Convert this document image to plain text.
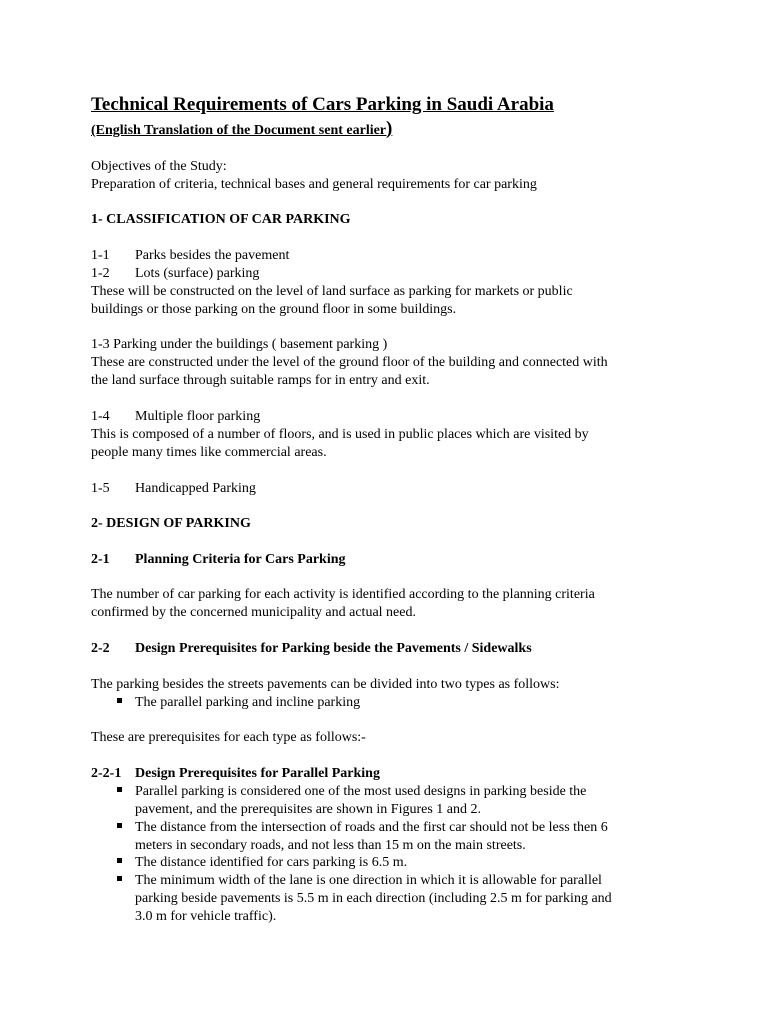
Technical Requirements of Cars Parking in Saudi Arabia
(English Translation of the Document sent earlier)
Objectives of the Study:
Preparation of criteria, technical bases and general requirements for car parking
1- CLASSIFICATION OF CAR PARKING
1-1 Parks besides the pavement
1-2 Lots (surface) parking
These will be constructed on the level of land surface as parking for markets or public
buildings or those parking on the ground floor in some buildings.
1-3 Parking under the buildings ( basement parking )
These are constructed under the level of the ground floor of the building and connected with
the land surface through suitable ramps for in entry and exit.
1-4 Multiple floor parking
This is composed of a number of floors, and is used in public places which are visited by
people many times like commercial areas.
1-5 Handicapped Parking
2- DESIGN OF PARKING
2-1 Planning Criteria for Cars Parking
The number of car parking for each activity is identified according to the planning criteria
confirmed by the concerned municipality and actual need.
2-2 Design Prerequisites for Parking beside the Pavements / Sidewalks
The parking besides the streets pavements can be divided into two types as follows:
The parallel parking and incline parking
These are prerequisites for each type as follows:-
2-2-1 Design Prerequisites for Parallel Parking
Parallel parking is considered one of the most used designs in parking beside the
pavement, and the prerequisites are shown in Figures 1 and 2.
The distance from the intersection of roads and the first car should not be less then 6
meters in secondary roads, and not less than 15 m on the main streets.
The distance identified for cars parking is 6.5 m.
The minimum width of the lane is one direction in which it is allowable for parallel
parking beside pavements is 5.5 m in each direction (including 2.5 m for parking and
3.0 m for vehicle traffic).
